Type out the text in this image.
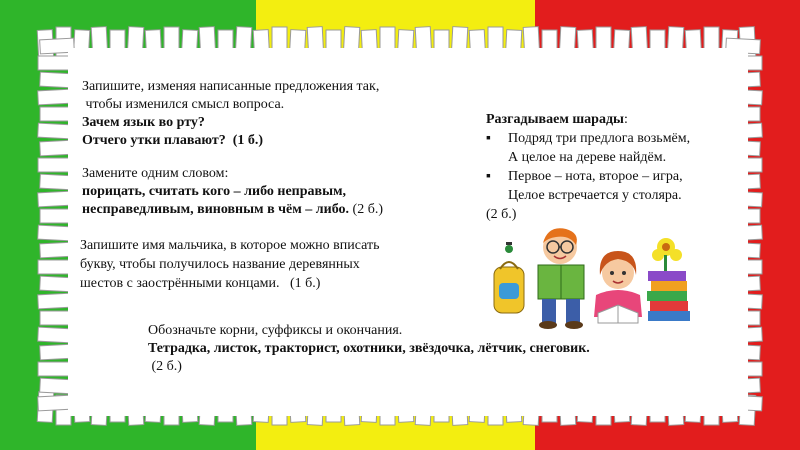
Запишите, изменяя написанные предложения так,
чтобы изменился смысл вопроса.
Зачем язык во рту?
Отчего утки плавают?  (1 б.)
Замените одним словом:
порицать, считать кого – либо неправым,
несправедливым, виновным в чём – либо. (2 б.)
Запишите имя мальчика, в которое можно вписать
букву, чтобы получилось название деревянных
шестов с заострёнными концами.   (1 б.)
Обозначьте корни, суффиксы и окончания.
Тетрадка, листок, тракторист, охотники, звёздочка, лётчик, снеговик.
(2 б.)
Разгадываем шарады:
▪ Подряд три предлога возьмём,
А целое на дереве найдём.
▪ Первое – нота, второе – игра,
Целое встречается у столяра.
(2 б.)
